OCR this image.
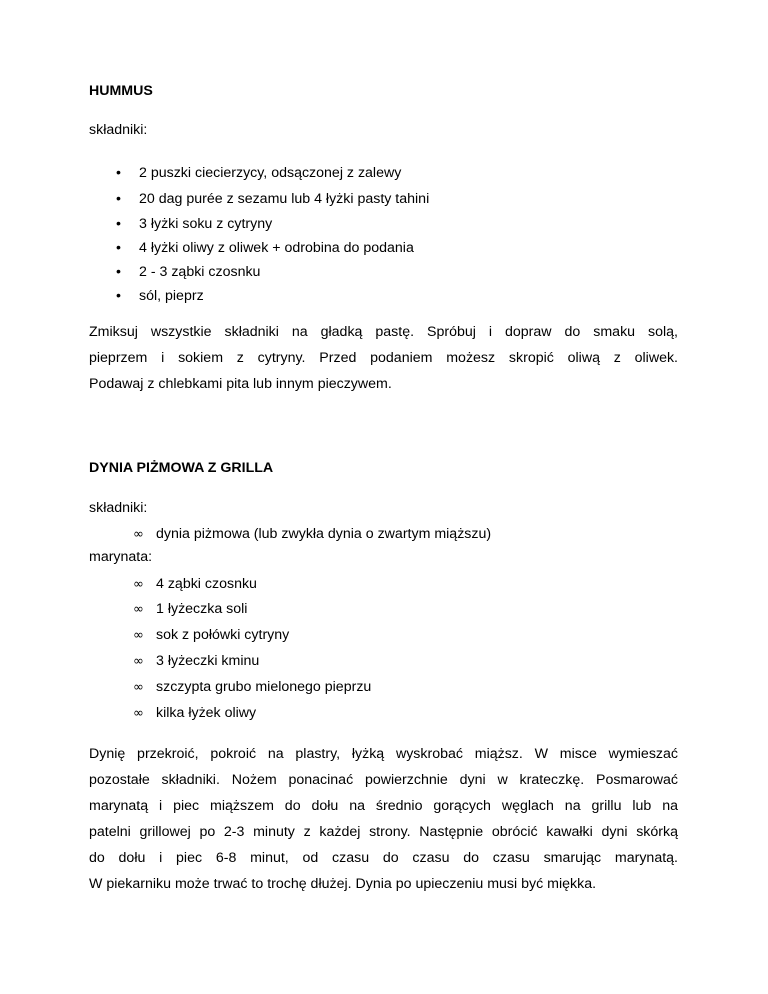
HUMMUS
składniki:
• 2 puszki ciecierzycy, odsączonej z zalewy
• 20 dag purée z sezamu lub 4 łyżki pasty tahini
• 3 łyżki soku z cytryny
• 4 łyżki oliwy z oliwek + odrobina do podania
• 2 - 3 ząbki czosnku
• sól, pieprz
Zmiksuj wszystkie składniki na gładką pastę. Spróbuj i dopraw do smaku solą,
pieprzem i sokiem z cytryny. Przed podaniem możesz skropić oliwą z oliwek.
Podawaj z chlebkami pita lub innym pieczywem.
DYNIA PIŻMOWA Z GRILLA
składniki:
∞ dynia piżmowa (lub zwykła dynia o zwartym miąższu)
marynata:
∞ 4 ząbki czosnku
∞ 1 łyżeczka soli
∞ sok z połówki cytryny
∞ 3 łyżeczki kminu
∞ szczypta grubo mielonego pieprzu
∞ kilka łyżek oliwy
Dynię przekroić, pokroić na plastry, łyżką wyskrobać miąższ. W misce wymieszać
pozostałe składniki. Nożem ponacinać powierzchnie dyni w krateczkę. Posmarować
marynatą i piec miąższem do dołu na średnio gorących węglach na grillu lub na
patelni grillowej po 2-3 minuty z każdej strony. Następnie obrócić kawałki dyni skórką
do dołu i piec 6-8 minut, od czasu do czasu do czasu smarując marynatą.
W piekarniku może trwać to trochę dłużej. Dynia po upieczeniu musi być miękka.
